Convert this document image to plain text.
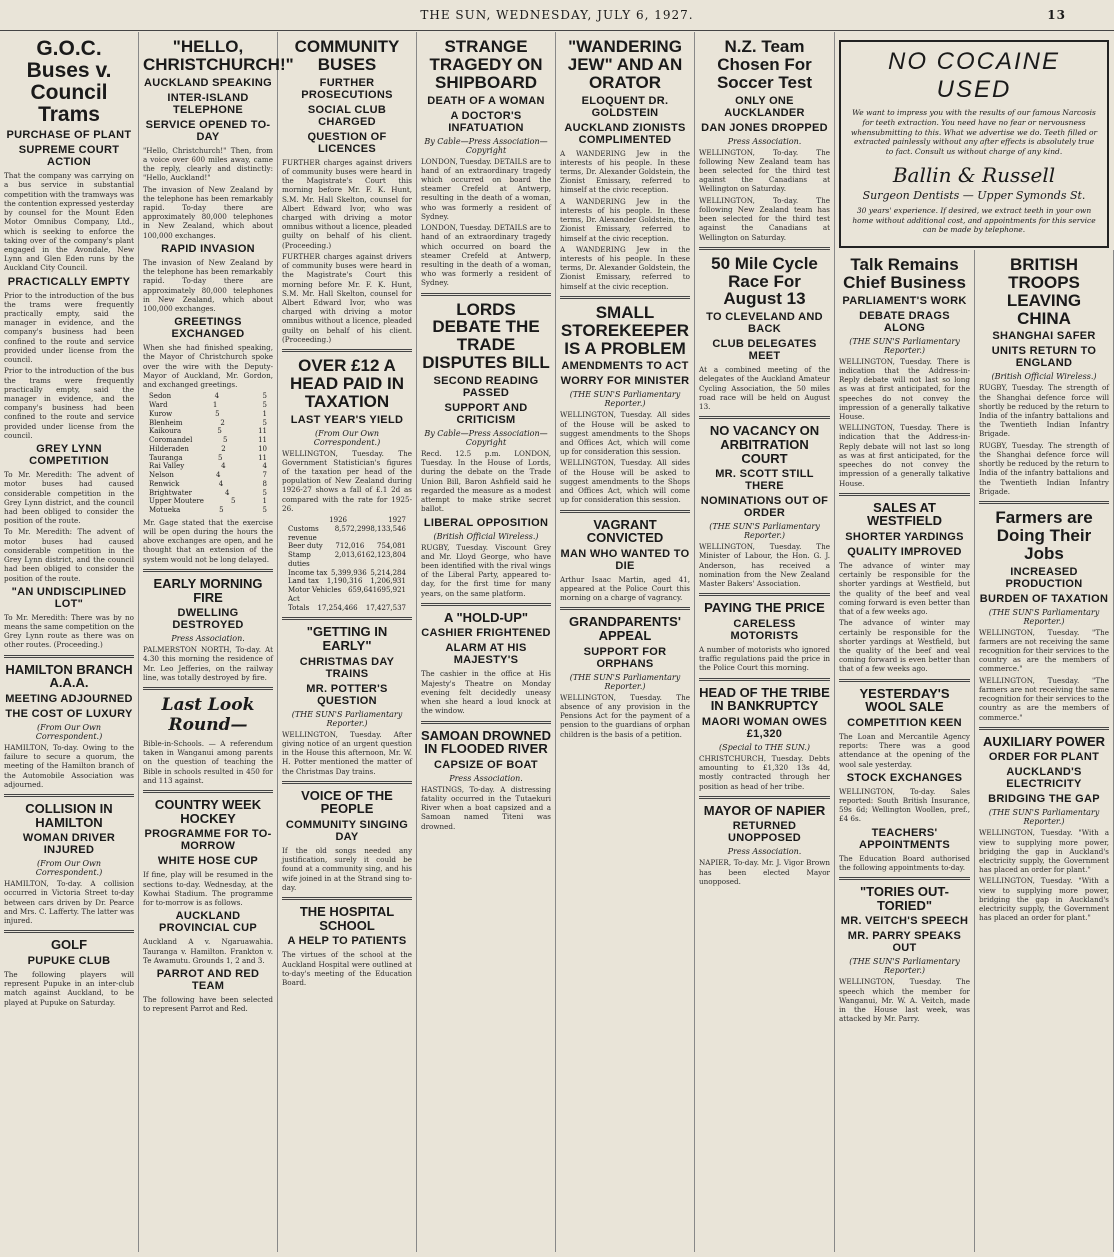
THE SUN, WEDNESDAY, JULY 6, 1927.	13
G.O.C. Buses v. Council Trams
PURCHASE OF PLANT
SUPREME COURT ACTION
That the company was carrying on a bus service in substantial competition with the tramways was the contention expressed yesterday by counsel for the Mount Eden Motor Omnibus Company, Ltd., which is seeking to enforce the taking over of the company's plant engaged in the Avondale, New Lynn and Glen Eden runs by the Auckland City Council.
PRACTICALLY EMPTY
Prior to the introduction of the bus the trams were frequently practically empty, said the manager in evidence, and the company's business had been confined to the route and service provided under license from the council.
Prior to the introduction of the bus the trams were frequently practically empty, said the manager in evidence, and the company's business had been confined to the route and service provided under license from the council.
GREY LYNN COMPETITION
To Mr. Meredith: The advent of motor buses had caused considerable competition in the Grey Lynn district, and the council had been obliged to consider the position of the route.
To Mr. Meredith: The advent of motor buses had caused considerable competition in the Grey Lynn district, and the council had been obliged to consider the position of the route.
"AN UNDISCIPLINED LOT"
To Mr. Meredith: There was by no means the same competition on the Grey Lynn route as there was on other routes. (Proceeding.)
HAMILTON BRANCH A.A.A.
MEETING ADJOURNED
THE COST OF LUXURY
(From Our Own Correspondent.)
HAMILTON, To-day. Owing to the failure to secure a quorum, the meeting of the Hamilton branch of the Automobile Association was adjourned.
COLLISION IN HAMILTON
WOMAN DRIVER INJURED
(From Our Own Correspondent.)
HAMILTON, To-day. A collision occurred in Victoria Street to-day between cars driven by Dr. Pearce and Mrs. C. Lafferty. The latter was injured.
GOLF
PUPUKE CLUB
The following players will represent Pupuke in an inter-club match against Auckland, to be played at Pupuke on Saturday.
"HELLO, CHRISTCHURCH!"
AUCKLAND SPEAKING
INTER-ISLAND TELEPHONE
SERVICE OPENED TO-DAY
"Hello, Christchurch!" Then, from a voice over 600 miles away, came the reply, clearly and distinctly: "Hello, Auckland!"
The invasion of New Zealand by the telephone has been remarkably rapid. To-day there are approximately 80,000 telephones in New Zealand, which about 100,000 exchanges.
RAPID INVASION
The invasion of New Zealand by the telephone has been remarkably rapid. To-day there are approximately 80,000 telephones in New Zealand, which about 100,000 exchanges.
GREETINGS EXCHANGED
When she had finished speaking, the Mayor of Christchurch spoke over the wire with the Deputy-Mayor of Auckland, Mr. Gordon, and exchanged greetings.
Sedon	4	5
Ward	1	5
Kurow	5	1
Blenheim	2	5
Kaikoura	5	11
Coromandel	5	11
Hilderaden	2	10
Tauranga	5	11
Rai Valley	4	4
Nelson	4	7
Renwick	4	8
Brightwater	4	5
Upper Moutere	5	1
Motueka	5	5
Mr. Gage stated that the exercise will be open during the hours the above exchanges are open, and he thought that an extension of the system would not be long delayed.
EARLY MORNING FIRE
DWELLING DESTROYED
Press Association.
PALMERSTON NORTH, To-day. At 4.30 this morning the residence of Mr. Leo Jefferies, on the railway line, was totally destroyed by fire.
Last Look Round—
Bible-in-Schools. — A referendum taken in Wanganui among parents on the question of teaching the Bible in schools resulted in 450 for and 113 against.
COUNTRY WEEK HOCKEY
PROGRAMME FOR TO-MORROW
WHITE HOSE CUP
If fine, play will be resumed in the sections to-day. Wednesday, at the Kowhai Stadium. The programme for to-morrow is as follows.
AUCKLAND PROVINCIAL CUP
Auckland A v. Ngaruawahia. Tauranga v. Hamilton. Frankton v. Te Awamutu. Grounds 1, 2 and 3.
PARROT AND RED TEAM
The following have been selected to represent Parrot and Red.
COMMUNITY BUSES
FURTHER PROSECUTIONS
SOCIAL CLUB CHARGED
QUESTION OF LICENCES
FURTHER charges against drivers of community buses were heard in the Magistrate's Court this morning before Mr. F. K. Hunt, S.M. Mr. Hall Skelton, counsel for Albert Edward Ivor, who was charged with driving a motor omnibus without a licence, pleaded guilty on behalf of his client. (Proceeding.)
FURTHER charges against drivers of community buses were heard in the Magistrate's Court this morning before Mr. F. K. Hunt, S.M. Mr. Hall Skelton, counsel for Albert Edward Ivor, who was charged with driving a motor omnibus without a licence, pleaded guilty on behalf of his client. (Proceeding.)
OVER £12 A HEAD PAID IN TAXATION
LAST YEAR'S YIELD
(From Our Own Correspondent.)
WELLINGTON, Tuesday. The Government Statistician's figures of the taxation per head of the population of New Zealand during 1926-27 shows a fall of £.1 2d as compared with the rate for 1925-26.
1926	1927
Customs revenue
8,572,299 8,133,546
Beer duty 712,016 754,081
Stamp duties
2,013,616 2,123,804
Income tax 5,399,936 5,214,284
Land tax 1,190,316 1,206,931
Motor Vehicles Act
659,641 695,921
Totals 17,254,466 17,427,537
"GETTING IN EARLY"
CHRISTMAS DAY TRAINS
MR. POTTER'S QUESTION
(THE SUN'S Parliamentary Reporter.)
WELLINGTON, Tuesday. After giving notice of an urgent question in the House this afternoon, Mr. W. H. Potter mentioned the matter of the Christmas Day trains.
VOICE OF THE PEOPLE
COMMUNITY SINGING DAY
If the old songs needed any justification, surely it could be found at a community sing, and his wife joined in at the Strand sing to-day.
THE HOSPITAL SCHOOL
A HELP TO PATIENTS
The virtues of the school at the Auckland Hospital were outlined at to-day's meeting of the Education Board.
STRANGE TRAGEDY ON SHIPBOARD
DEATH OF A WOMAN
A DOCTOR'S INFATUATION
By Cable—Press Association—Copyright
LONDON, Tuesday. DETAILS are to hand of an extraordinary tragedy which occurred on board the steamer Crefeld at Antwerp, resulting in the death of a woman, who was formerly a resident of Sydney.
LONDON, Tuesday. DETAILS are to hand of an extraordinary tragedy which occurred on board the steamer Crefeld at Antwerp, resulting in the death of a woman, who was formerly a resident of Sydney.
LORDS DEBATE THE TRADE DISPUTES BILL
SECOND READING PASSED
SUPPORT AND CRITICISM
By Cable—Press Association—Copyright
Recd. 12.5 p.m. LONDON, Tuesday. In the House of Lords, during the debate on the Trade Union Bill, Baron Ashfield said he regarded the measure as a modest attempt to make strike secret ballot.
LIBERAL OPPOSITION
(British Official Wireless.)
RUGBY, Tuesday. Viscount Grey and Mr. Lloyd George, who have been identified with the rival wings of the Liberal Party, appeared to-day, for the first time for many years, on the same platform.
A "HOLD-UP"
CASHIER FRIGHTENED
ALARM AT HIS MAJESTY'S
The cashier in the office at His Majesty's Theatre on Monday evening felt decidedly uneasy when she heard a loud knock at the window.
SAMOAN DROWNED IN FLOODED RIVER
CAPSIZE OF BOAT
Press Association.
HASTINGS, To-day. A distressing fatality occurred in the Tutaekuri River when a boat capsized and a Samoan named Titeni was drowned.
"WANDERING JEW" AND AN ORATOR
ELOQUENT DR. GOLDSTEIN
AUCKLAND ZIONISTS COMPLIMENTED
A WANDERING Jew in the interests of his people. In these terms, Dr. Alexander Goldstein, the Zionist Emissary, referred to himself at the civic reception.
A WANDERING Jew in the interests of his people. In these terms, Dr. Alexander Goldstein, the Zionist Emissary, referred to himself at the civic reception.
A WANDERING Jew in the interests of his people. In these terms, Dr. Alexander Goldstein, the Zionist Emissary, referred to himself at the civic reception.
SMALL STOREKEEPER IS A PROBLEM
AMENDMENTS TO ACT
WORRY FOR MINISTER
(THE SUN'S Parliamentary Reporter.)
WELLINGTON, Tuesday. All sides of the House will be asked to suggest amendments to the Shops and Offices Act, which will come up for consideration this session.
WELLINGTON, Tuesday. All sides of the House will be asked to suggest amendments to the Shops and Offices Act, which will come up for consideration this session.
VAGRANT CONVICTED
MAN WHO WANTED TO DIE
Arthur Isaac Martin, aged 41, appeared at the Police Court this morning on a charge of vagrancy.
GRANDPARENTS' APPEAL
SUPPORT FOR ORPHANS
(THE SUN'S Parliamentary Reporter.)
WELLINGTON, Tuesday. The absence of any provision in the Pensions Act for the payment of a pension to the guardians of orphan children is the basis of a petition.
N.Z. Team Chosen For Soccer Test
ONLY ONE AUCKLANDER
DAN JONES DROPPED
Press Association.
WELLINGTON, To-day. The following New Zealand team has been selected for the third test against the Canadians at Wellington on Saturday.
WELLINGTON, To-day. The following New Zealand team has been selected for the third test against the Canadians at Wellington on Saturday.
50 Mile Cycle Race For August 13
TO CLEVELAND AND BACK
CLUB DELEGATES MEET
At a combined meeting of the delegates of the Auckland Amateur Cycling Association, the 50 miles road race will be held on August 13.
NO VACANCY ON ARBITRATION COURT
MR. SCOTT STILL THERE
NOMINATIONS OUT OF ORDER
(THE SUN'S Parliamentary Reporter.)
WELLINGTON, Tuesday. The Minister of Labour, the Hon. G. J. Anderson, has received a nomination from the New Zealand Master Bakers' Association.
PAYING THE PRICE
CARELESS MOTORISTS
A number of motorists who ignored traffic regulations paid the price in the Police Court this morning.
HEAD OF THE TRIBE IN BANKRUPTCY
MAORI WOMAN OWES £1,320
(Special to THE SUN.)
CHRISTCHURCH, Tuesday. Debts amounting to £1,320 13s 4d, mostly contracted through her position as head of her tribe.
MAYOR OF NAPIER
RETURNED UNOPPOSED
Press Association.
NAPIER, To-day. Mr. J. Vigor Brown has been elected Mayor unopposed.
NO COCAINE USED
We want to impress you with the results of our famous Narcosis for teeth extraction. You need have no fear or nervousness whensubmitting to this. What we advertise we do. Teeth filled or extracted painlessly without any after effects is absolutely true to fact. Consult us without charge of any kind.
Ballin & Russell
Surgeon Dentists — Upper Symonds St.
30 years' experience. If desired, we extract teeth in your own home without additional cost, and appointments for this service can be made by telephone.
Talk Remains Chief Business
PARLIAMENT'S WORK
DEBATE DRAGS ALONG
(THE SUN'S Parliamentary Reporter.)
WELLINGTON, Tuesday. There is indication that the Address-in-Reply debate will not last so long as was at first anticipated, for the speeches do not convey the impression of a generally talkative House.
WELLINGTON, Tuesday. There is indication that the Address-in-Reply debate will not last so long as was at first anticipated, for the speeches do not convey the impression of a generally talkative House.
SALES AT WESTFIELD
SHORTER YARDINGS
QUALITY IMPROVED
The advance of winter may certainly be responsible for the shorter yardings at Westfield, but the quality of the beef and veal coming forward is even better than that of a few weeks ago.
The advance of winter may certainly be responsible for the shorter yardings at Westfield, but the quality of the beef and veal coming forward is even better than that of a few weeks ago.
YESTERDAY'S WOOL SALE
COMPETITION KEEN
The Loan and Mercantile Agency reports: There was a good attendance at the opening of the wool sale yesterday.
STOCK EXCHANGES
WELLINGTON, To-day. Sales reported: South British Insurance, 59s 6d; Wellington Woollen, pref., £4 6s.
TEACHERS' APPOINTMENTS
The Education Board authorised the following appointments to-day.
"TORIES OUT-TORIED"
MR. VEITCH'S SPEECH
MR. PARRY SPEAKS OUT
(THE SUN'S Parliamentary Reporter.)
WELLINGTON, Tuesday. The speech which the member for Wanganui, Mr. W. A. Veitch, made in the House last week, was attacked by Mr. Parry.
BRITISH TROOPS LEAVING CHINA
SHANGHAI SAFER
UNITS RETURN TO ENGLAND
(British Official Wireless.)
RUGBY, Tuesday. The strength of the Shanghai defence force will shortly be reduced by the return to India of the infantry battalions and the Twentieth Indian Infantry Brigade.
RUGBY, Tuesday. The strength of the Shanghai defence force will shortly be reduced by the return to India of the infantry battalions and the Twentieth Indian Infantry Brigade.
Farmers are Doing Their Jobs
INCREASED PRODUCTION
BURDEN OF TAXATION
(THE SUN'S Parliamentary Reporter.)
WELLINGTON, Tuesday. "The farmers are not receiving the same recognition for their services to the country as are the members of commerce."
WELLINGTON, Tuesday. "The farmers are not receiving the same recognition for their services to the country as are the members of commerce."
AUXILIARY POWER
ORDER FOR PLANT
AUCKLAND'S ELECTRICITY
BRIDGING THE GAP
(THE SUN'S Parliamentary Reporter.)
WELLINGTON, Tuesday. "With a view to supplying more power, bridging the gap in Auckland's electricity supply, the Government has placed an order for plant."
WELLINGTON, Tuesday. "With a view to supplying more power, bridging the gap in Auckland's electricity supply, the Government has placed an order for plant."
